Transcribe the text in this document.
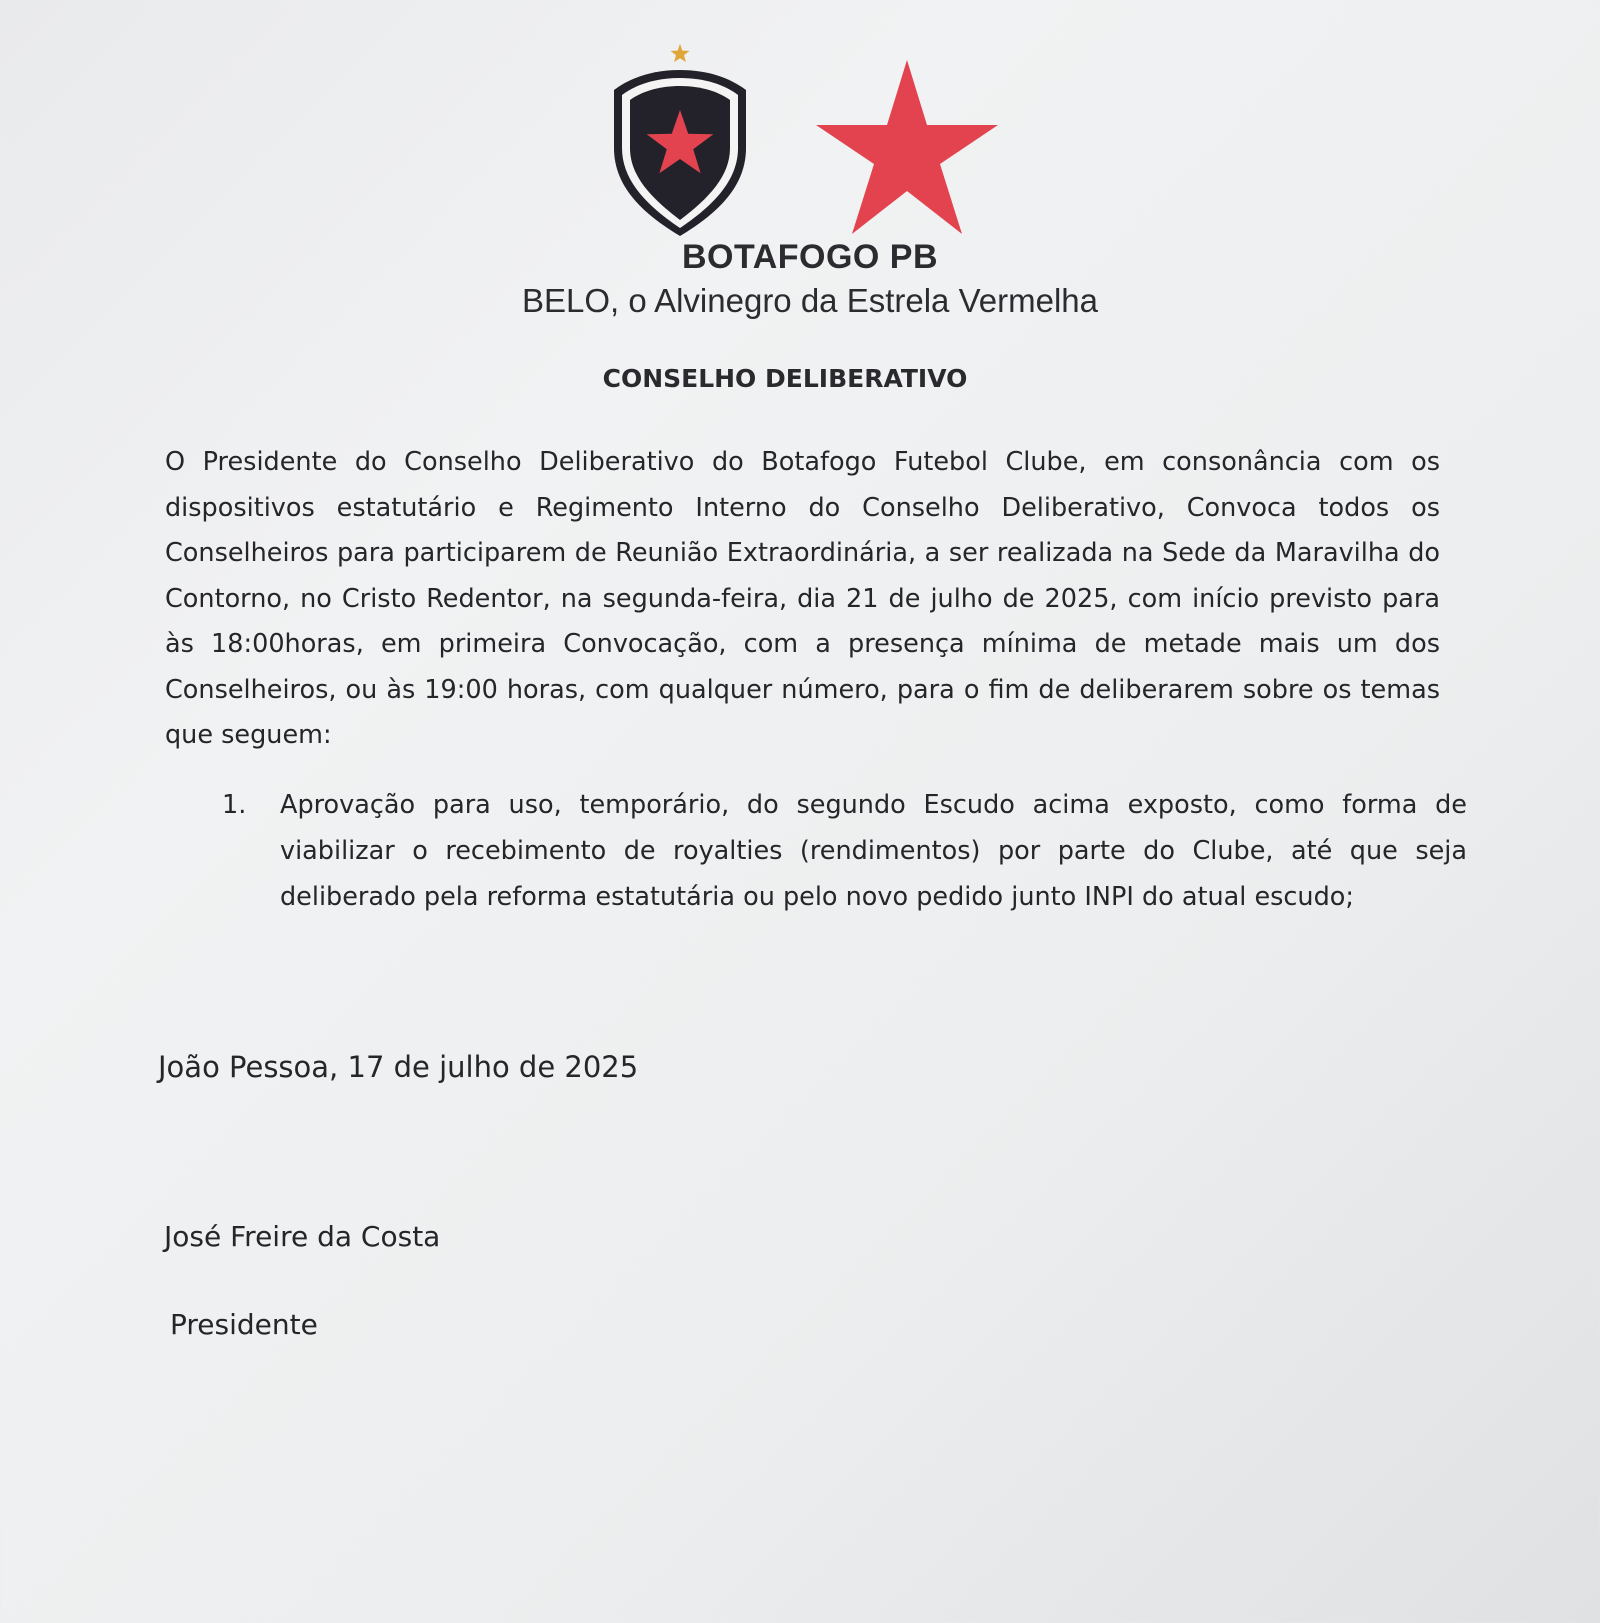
BOTAFOGO PB
BELO, o Alvinegro da Estrela Vermelha
CONSELHO DELIBERATIVO

O Presidente do Conselho Deliberativo do Botafogo Futebol Clube, em consonância com os dispositivos estatutário e Regimento Interno do Conselho Deliberativo, Convoca todos os Conselheiros para participarem de Reunião Extraordinária, a ser realizada na Sede da Maravilha do Contorno, no Cristo Redentor, na segunda-feira, dia 21 de julho de 2025, com início previsto para às 18:00horas, em primeira Convocação, com a presença mínima de metade mais um dos Conselheiros, ou às 19:00 horas, com qualquer número, para o fim de deliberarem sobre os temas que seguem:

1.	Aprovação para uso, temporário, do segundo Escudo acima exposto, como forma de viabilizar o recebimento de royalties (rendimentos) por parte do Clube, até que seja deliberado pela reforma estatutária ou pelo novo pedido junto INPI do atual escudo;
João Pessoa, 17 de julho de 2025
José Freire da Costa
Presidente
